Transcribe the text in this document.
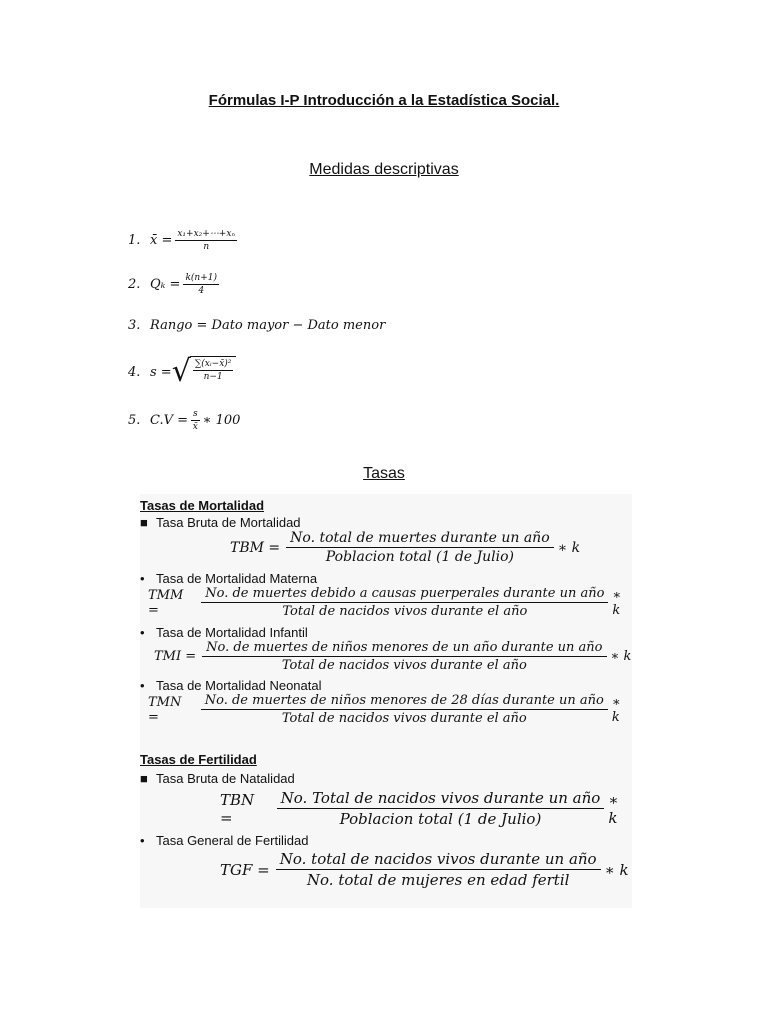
Fórmulas I-P Introducción a la Estadística Social.
Medidas descriptivas
1. x̄ = $\frac{\text{x₁+x₂+⋯+xₙ}}{n}$
2. $Q_k = \frac{k(n+1)}{4}$
3. Rango = Dato mayor − Dato menor
4. s = √ $\frac{\text{∑(xᵢ−x̄)²}}{n-1}$
5. $C.V = \frac{s}{x̄}$ ∗ 100
Tasas
Tasas de Mortalidad
■ Tasa Bruta de Mortalidad
TBM =
No. total de muertes durante un año
Poblacion total (1 de Julio)
∗ k
• Tasa de Mortalidad Materna
TMM =
No. de muertes debido a causas puerperales durante un año
Total de nacidos vivos durante el año
∗ k
• Tasa de Mortalidad Infantil
TMI =
No. de muertes de niños menores de un año durante un año
Total de nacidos vivos durante el año
∗ k
• Tasa de Mortalidad Neonatal
TMN =
No. de muertes de niños menores de 28 días durante un año
Total de nacidos vivos durante el año
∗ k
Tasas de Fertilidad
■ Tasa Bruta de Natalidad
TBN =
No. Total de nacidos vivos durante un año
Poblacion total (1 de Julio)
∗ k
• Tasa General de Fertilidad
TGF =
No. total de nacidos vivos durante un año
No. total de mujeres en edad fertil
∗ k
